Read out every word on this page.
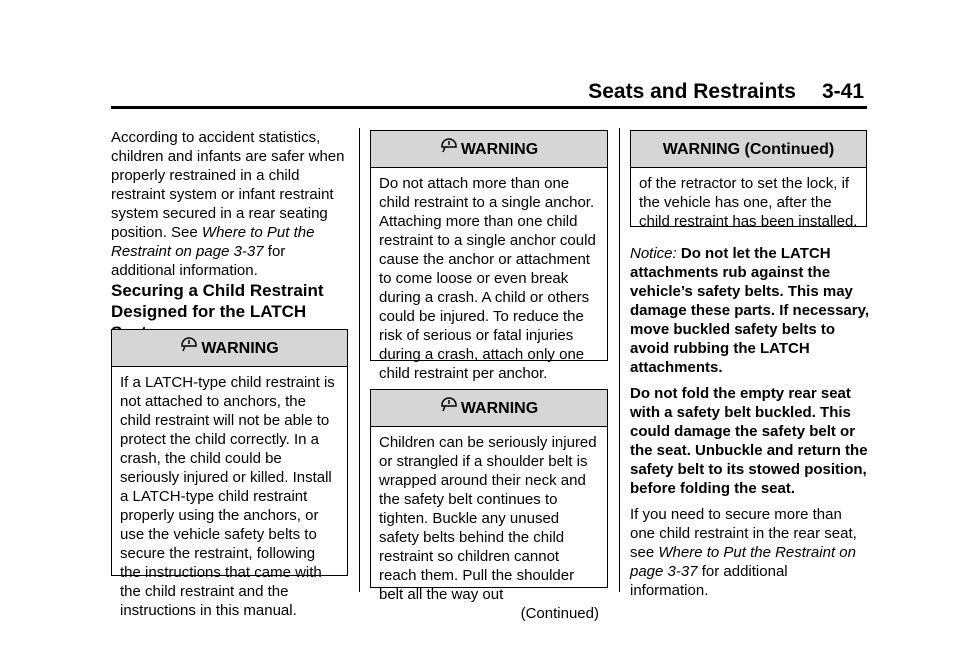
Seats and Restraints 3-41

According to accident statistics, children and infants are safer when properly restrained in a child restraint system or infant restraint system secured in a rear seating position. See Where to Put the Restraint on page 3-37 for additional information.

Securing a Child Restraint Designed for the LATCH

WARNING
If a LATCH-type child restraint is not attached to anchors, the child restraint will not be able to protect the child correctly. In a crash, the child could be seriously injured or killed. Install a LATCH-type child restraint properly using the anchors, or use the vehicle safety belts to secure the restraint, following the instructions that came with the child restraint and the instructions in this manual.
WARNING
Do not attach more than one child restraint to a single anchor. Attaching more than one child restraint to a single anchor could cause the anchor or attachment to come loose or even break during a crash. A child or others could be injured. To reduce the risk of serious or fatal injuries during a crash, attach only one child restraint per anchor.
WARNING
Children can be seriously injured or strangled if a shoulder belt is wrapped around their neck and the safety belt continues to tighten. Buckle any unused safety belts behind the child restraint so children cannot reach them. Pull the shoulder belt all the way out
(Continued)
WARNING (Continued)
of the retractor to set the lock, if the vehicle has one, after the child restraint has been installed.

Notice: Do not let the LATCH attachments rub against the vehicle’s safety belts. This may damage these parts. If necessary, move buckled safety belts to avoid rubbing the LATCH attachments.

Do not fold the empty rear seat with a safety belt buckled. This could damage the safety belt or the seat. Unbuckle and return the safety belt to its stowed position, before folding the seat.

If you need to secure more than one child restraint in the rear seat, see Where to Put the Restraint on page 3-37 for additional information.
